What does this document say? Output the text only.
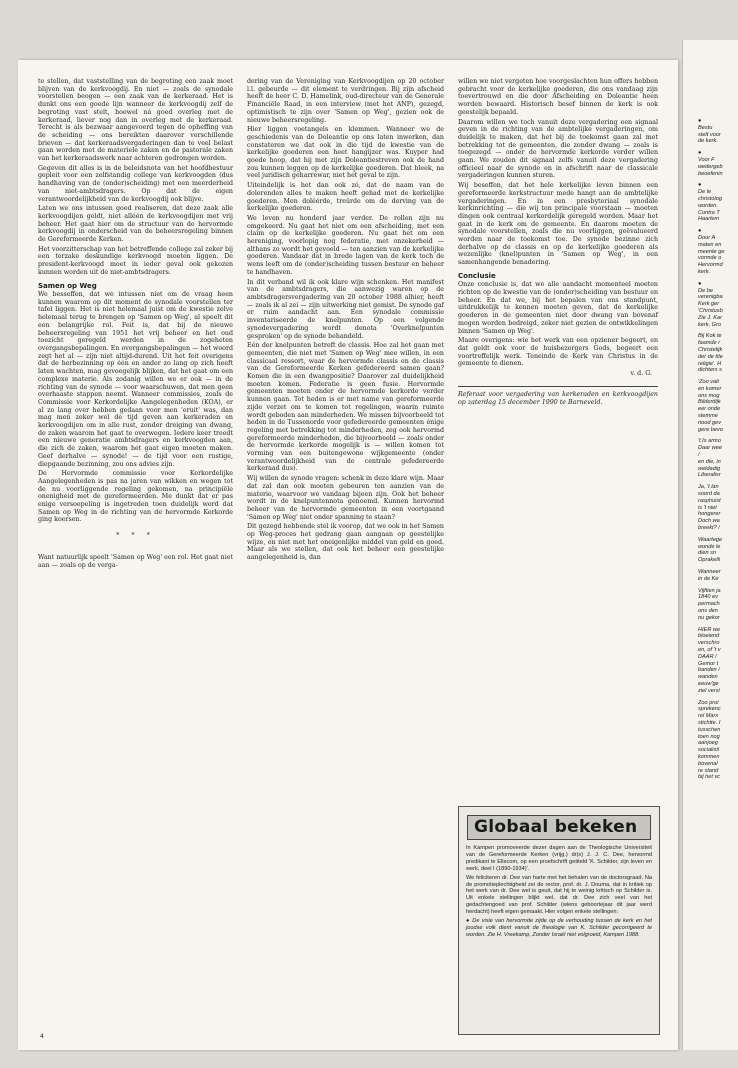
te stellen, dat vaststelling van de begroting een zaak moet blijven van de kerkvoogdij. En niet — zoals de synodale voorstellen beogen — een zaak van de kerkeraad. Het is dunkt ons een goede lijn wanneer de kerkvoogdij zelf de begroting vast stelt, hoewel ná goed overleg met de kerkeraad, liever nog dan in overleg met de kerkeraad. Terecht is als bezwaar aangevoerd tegen de opheffing van de scheiding — ons bereikten daarover verschillende brieven — dat kerkeraadsvergaderingen dan te veel belast gaan worden met de materiele zaken en de pastorale zaken van het kerkeraadswerk naar achteren gedrongen worden.

Gegeven dit alles is in de beleidsnota van het hoofdbestuur gepleit voor een zelfstandig college van kerkvoogden (dus handhaving van de (onder)scheiding) met een meerderheid van niet-ambtsdragers. Op dat de eigen verantwoordelijkheid van de kerkvoogdij ook blijve.

Laten we ons intussen goed realiseren, dat deze zaak alle kerkvoogdijen geldt, niet alléén de kerkvoogdijen met vrij beheer. Het gaat hier om de structuur van de hervormde kerkvoogdij in onderscheid van de beheersregeling binnen de Gereformeerde Kerken.

Het voorzitterschap van het betreffende college zal zeker bij een terzake deskundige kerkvoogd moeten liggen. De president-kerkvoogd moet in ieder geval ook gekozen kunnen worden uit de niet-ambtsdragers.

Samen op Weg

We besseffen, dat we intussen niet om de vraag heen kunnen waarom op dit moment de synodale voorstellen ter tafel liggen. Het is niet helemaal juist om de kwestie zelve helemaal terug te brengen op 'Samen op Weg', al speelt dit een belangrijke rol. Feit is, dat bij de nieuwe beheersregeling van 1951 het vrij beheer en het oud toezicht geregeld werden in de zogeheten overgangsbepalingen. En overgangsbepalingen — het woord zegt het al — zijn niet altijd-durend. Uit het feit overigens dat de herbezinning op één en ander zo lang op zich heeft laten wachten, mag gevoegelijk blijken, dat het gaat om een complexe materie. Als zodanig willen we er ook — in de richting van de synode — voor waarschuwen, dat men geen overhaaste stappen neemt. Wanneer commissies, zoals de Commissie voor Kerkordelijke Aangelegenheden (KOA), er al zo lang over hebben gedaan voor men 'eruit' was, dan mag men zeker wel de tijd geven aan kerkeraden en kerkvoogdijen om in alle rust, zonder dreiging van dwang, de zaken waarom het gaat te overwegen. Iedere keer treedt een nieuwe generatie ambtsdragers en kerkvoogden aan, die zich de zaken, waarom het gaat eigen moeten maken. Geef derhalve — synode! — de tijd voor een rustige, diepgaande bezinning, zou ons advies zijn.

De Hervormde commissie voor Kerkordelijke Aangelegenheden is pas na jaren van wikken en wegen tot de nu voorliggende regeling gekomen, na principiële onenigheid met de gereformeerden. Me dunkt dat er pas enige versoepeling is ingetreden toen duidelijk werd dat Samen op Weg in de richting van de hervormde Kerkorde ging koersen.

* * *

Want natuurlijk speelt 'Samen op Weg' een rol. Het gaat niet aan — zoals op de verga-

dering van de Vereniging van Kerkvoogdijen op 20 october l.l. gebeurde — dit element te verdringen. Bij zijn afscheid heeft de heer C. D. Hamelink, oud-directeur van de Generale Financiële Raad, in een interview (met het ANP), gezegd, optimistisch te zijn over 'Samen op Weg', gezien ook de nieuwe beheersregeling.

Hier liggen voetangels en klemmen. Wanneer we de geschiedenis van de Doleantie op ons laten inwerken, dan constateren we dat ook in die tijd de kwestie van de kerkelijke goederen een heet hangijzer was. Kuyper had goede hoop, dat hij met zijn Doleantiestreven ook de hand zou kunnen leggen op de kerkelijke goederen. Dat bleek, na veel juridisch geharrewar, niet het geval te zijn.

Uiteindelijk is het dan ook zó, dat de naam van de dolerenden alles te maken heeft gehad met de kerkelijke goederen. Men doléérde, treûrde om de derving van de kerkelijke goederen.

We leven nu honderd jaar verder. De rollen zijn nu omgekeerd. Nu gaat het niet om een afscheiding, met een claim op de kerkelijke goederen. Nu gaat het om een hereniging, voorlopig nog federatie, met onzekerheid — althans zo wordt het gevoeld — ten aanzien van de kerkelijke goederen. Vandaar dat in brede lagen van de kerk toch de wens leeft om de (onder)scheiding tussen bestuur en beheer te handhaven.

In dit verband wil ik ook klare wijn schenken. Het manifest van de ambtsdragers, die aanwezig waren op de ambtsdragersvergadering van 20 october 1988 alhier, heeft — zoals ik al zei — zijn uitwerking niet gemist. De synode gaf er ruim aandacht aan. Een synodale commissie inventariseerde de knelpunten. Op een volgende synodevergadering wordt denota 'Overknelpunten gesproken' op de synode behandeld.

Eén der knelpunten betreft de classis. Hoe zal het gaan met gemeenten, die niet met 'Samen op Weg' mee willen, in een classicaal ressort, waar de hervormde classis en de classis van de Gereformeerde Kerken gefedereerd samen gaan? Komen die in een dwangpositie? Daarover zal duidelijkheid moeten komen. Federatie is geen fusie. Hervormde gemeenten moeten onder de hervormde kerkorde verder kunnen gaan. Tot heden is er met name van gereformeerde zijde verzet om te komen tot regelingen, waarin ruimte wordt geboden aan minderheden. We missen bijvoorbeeld tot heden in de Tussenorde voor gefedereerde gemeenten énige regeling met betrekking tot minderheden, zeg ook hervormd gereformeerde minderheden, die bijvoorbeeld — zoals onder de hervormde kerkorde mogelijk is — willen komen tot vorming van een buitengewone wijkgemeente (onder verantwoordelijkheid van de centrale gefedereerde kerkeraad dus).

Wij willen de synode vragen: schenk in deze klare wijn. Maar dat zal dan ook moeten gebeuren ten aanzien van de materie, waarvoor we vandaag bijeen zijn. Ook het beheer wordt in de knelpuntennota genoemd. Kunnen hervormd beheer van de hervormde gemeenten in een voortgaand 'Samen op Weg' niet onder spanning te staan?

Dit gezegd hebbende stel ik voorop, dat we ook in het Samen op Weg-proces het gedrang gaan aangaan op geestelijke wijze, en niet met het oneigenlijke middel van geld en goed. Maar als we stellen, dat ook het beheer een geestelijke aangelegenheid is, dan

willen we niet vergeten hoe voorgeslachten hun offers hebben gebracht voor de kerkelijke goederen, die ons vandaag zijn toevertrouwd en die door Afscheiding en Doleantie heen worden bewaard. Historisch besef binnen de kerk is ook geestelijk bepaald.

Daarom willen we toch vanuit deze vergadering een signaal geven in de richting van de ambtelijke vergaderingen, om duidelijk te maken, dat het bij de toekomst gaan zal met betrekking tot de gemeenten, die zonder dwang — zoals is toegezegd — onder de hervormde kerkorde verder willen gaan. We zouden dit signaal zelfs vanuit deze vergadering officieel naar de synode en in afschrift naar de classicale vergaderingen kunnen sturen.

Wij beseffen, dat het hele kerkelijke leven binnen een gereformeerde kerkstructuur mede hangt aan de ambtelijke vergaderingen. En in een presbyteriaal synodale kerkinrichting — die wij ten principale voorstaan — moeten dingen ook centraal kerkordelijk geregeld worden. Maar het gaat in de kerk om de gemeente. En daarom moeten de synodale voorstellen, zoals die nu voorliggen, geëvalueerd worden naar de toekomst toe. De synode bezinne zich derhalve op de classis en op de kerkelijke goederen als wezenlijke (knel)punten in 'Samen op Weg', in een samenhangende benadering.

Conclusie

Onze conclusie is, dat we alle aandacht momenteel moeten richten op de kwestie van de (onder)scheiding van bestuur en beheer. En dat we, bij het bepalen van ons standpunt, uitdrukkelijk te kennen moeten geven, dat de kerkelijke goederen in de gemeenten niet door dwang van bovenaf mogen worden bedreigd, zeker niet gezien de ontwikkelingen binnen 'Samen op Weg'.

Maare overigens: wie het werk van een opziener begeert, en dat geldt ook voor de huisbezorgers Gods, begeert een voortreffelijk werk. Teneinde de Kerk van Christus in de gemeente te dienen.

v. d. G.

Referaat voor vergadering van kerkeraden en kerkvoogdijen op zaterdag 15 december 1990 te Barneveld.

Globaal bekeken

In Kampen promoveerde dezer dagen aan de Theologische Universiteit van de Gereformeerde Kerken (vrijg.) dr(s) J. J. C. Dee, hervormd predikant te Ellecom, op een proefschrift getiteld 'K. Schilder, zijn leven en werk, deel I (1890-1934)'.

We feliciteren dr. Dee van harte met het behalen van de doctorsgraad. Na de promotieplechtigheid zei de rector, prof. dr. J. Douma, dat in kritiek op het werk van dr. Dee wel is geuit, dat hij te weinig kritisch op Schilder is. Uit enkele stellingen blijkt wel, dat dr. Dee zich veel van het gedachtengoed van prof. Schilder (wiens geboortejaar dit jaar werd herdacht) heeft eigen gemaakt. Hier volgen enkele stellingen:

● De visie van hervormde zijde op de verhouding tussen de kerk en het joodse volk dient vanuit de theologie van K. Schilder gecorrigeerd te worden. Zie H. Vreekamp, Zonder Israël niet volgroeid, Kampen 1988.

4
● Bestu
stelt voor
de kerk.
● Voor F
wedergeb
beoefenin
● De le
christolog
worden.
Contra T
Haarlem
● Door A
maten en
meente ge
vormde o
Hervormd
kerk.
● De be
verenigba
Kerk ger
'Christusb
Zie J. Kar
kerk, Gro
Bij Kok te
faamde r
Christelijk
der de tite
religie'. H
dichters s
'Zoo valt
en komer
ons mog
Bilderdijk
eer onde
stemme
nood gev
gere bevo
't Is armo
Daar wee
/
en die, in
weldadig
Liberalisr
Ja, 't lan
soord da
rasphuist
is 't niet
hongerer
Doch wa
breekt? /
Waartege
wonde le
dien sn
Oprakelli
Wanneer
in de Ke
Vijftien ja
1840 ev
permach
ons den
nu gekor
HIER we
bloeiend
verschro
en, of 't v
DAAR /
Gemor t
banden /
wanden
eeuw'ge
ziel versi
Zoo prol
sprekenc
rel Marx
stichtte. I
tusschen
toen nog
aanjoeg
socialisti
kommen
bovenal
re stand
bij het vc
